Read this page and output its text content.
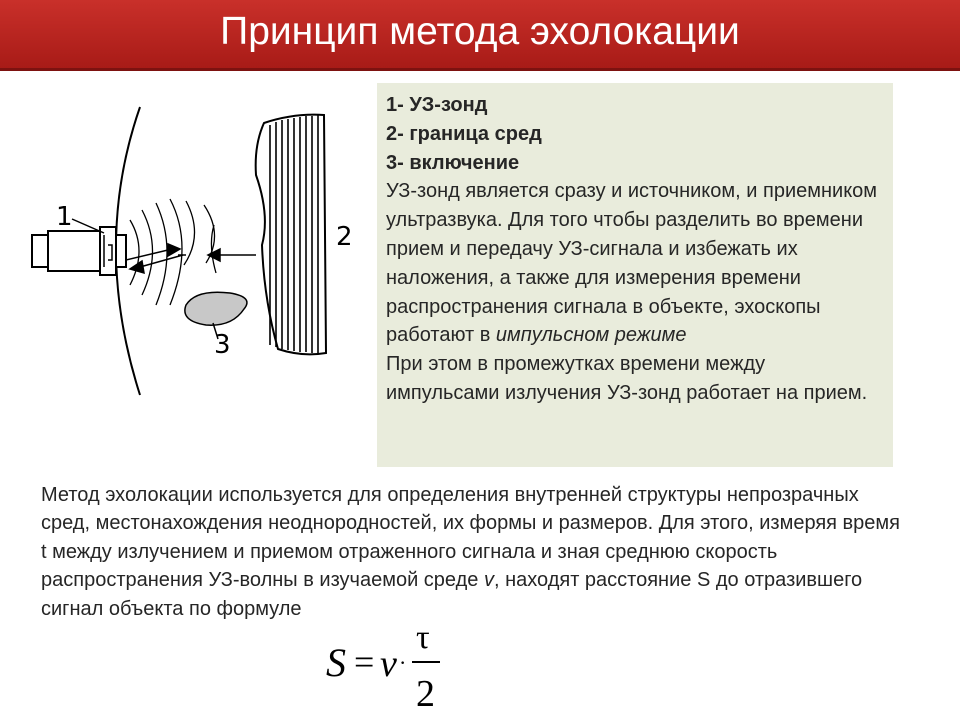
Принцип метода эхолокации
1
2
3
1- УЗ-зонд
2- граница сред
3- включение
УЗ-зонд является сразу и источником, и приемником ультразвука. Для того чтобы разделить во времени прием и передачу УЗ-сигнала и избежать их наложения, а также для измерения времени распространения сигнала в объекте, эхоскопы работают в импульсном режиме
При этом в промежутках времени между импульсами излучения УЗ-зонд работает на прием.
Метод эхолокации используется для определения внутренней структуры непрозрачных сред, местонахождения неоднородностей, их формы и размеров. Для этого, измеряя время t между излучением и приемом отраженного сигнала и зная среднюю скорость распространения УЗ-волны в изучаемой среде v, находят расстояние S до отразившего сигнал объекта по формуле
S = v ·
τ
2
